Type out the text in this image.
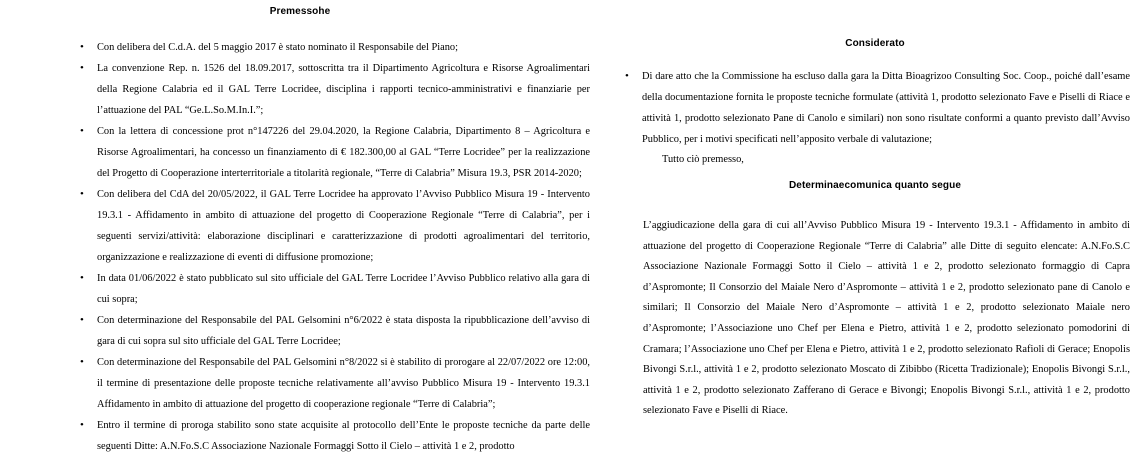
Premessohe
• Con delibera del C.d.A. del 5 maggio 2017 è stato nominato il Responsabile del Piano;
• La convenzione Rep. n. 1526 del 18.09.2017, sottoscritta tra il Dipartimento Agricoltura e Risorse Agroalimentari della Regione Calabria ed il GAL Terre Locridee, disciplina i rapporti tecnico-amministrativi e finanziarie per l’attuazione del PAL “Ge.L.So.M.In.I.”;
• Con la lettera di concessione prot n°147226 del 29.04.2020, la Regione Calabria, Dipartimento 8 – Agricoltura e Risorse Agroalimentari, ha concesso un finanziamento di € 182.300,00 al GAL “Terre Locridee” per la realizzazione del Progetto di Cooperazione interterritoriale a titolarità regionale, “Terre di Calabria” Misura 19.3, PSR 2014-2020;
• Con delibera del CdA del 20/05/2022, il GAL Terre Locridee ha approvato l’Avviso Pubblico Misura 19 - Intervento 19.3.1 - Affidamento in ambito di attuazione del progetto di Cooperazione Regionale “Terre di Calabria”, per i seguenti servizi/attività: elaborazione disciplinari e caratterizzazione di prodotti agroalimentari del territorio, organizzazione e realizzazione di eventi di diffusione promozione;
• In data 01/06/2022 è stato pubblicato sul sito ufficiale del GAL Terre Locridee l’Avviso Pubblico relativo alla gara di cui sopra;
• Con determinazione del Responsabile del PAL Gelsomini n°6/2022 è stata disposta la ripubblicazione dell’avviso di gara di cui sopra sul sito ufficiale del GAL Terre Locridee;
• Con determinazione del Responsabile del PAL Gelsomini n°8/2022 si è stabilito di prorogare al 22/07/2022 ore 12:00, il termine di presentazione delle proposte tecniche relativamente all’avviso Pubblico Misura 19 - Intervento 19.3.1 Affidamento in ambito di attuazione del progetto di cooperazione regionale “Terre di Calabria”;
• Entro il termine di proroga stabilito sono state acquisite al protocollo dell’Ente le proposte tecniche da parte delle seguenti Ditte: A.N.Fo.S.C Associazione Nazionale Formaggi Sotto il Cielo – attività 1 e 2, prodotto
Considerato
• Di dare atto che la Commissione ha escluso dalla gara la Ditta Bioagrizoo Consulting Soc. Coop., poiché dall’esame della documentazione fornita le proposte tecniche formulate (attività 1, prodotto selezionato Fave e Piselli di Riace e attività 1, prodotto selezionato Pane di Canolo e similari) non sono risultate conformi a quanto previsto dall’Avviso Pubblico, per i motivi specificati nell’apposito verbale di valutazione;

Tutto ciò premesso,

Determinaecomunica quanto segue

L’aggiudicazione della gara di cui all’Avviso Pubblico Misura 19 - Intervento 19.3.1 - Affidamento in ambito di attuazione del progetto di Cooperazione Regionale “Terre di Calabria” alle Ditte di seguito elencate: A.N.Fo.S.C Associazione Nazionale Formaggi Sotto il Cielo – attività 1 e 2, prodotto selezionato formaggio di Capra d’Aspromonte; Il Consorzio del Maiale Nero d’Aspromonte – attività 1 e 2, prodotto selezionato pane di Canolo e similari; Il Consorzio del Maiale Nero d’Aspromonte – attività 1 e 2, prodotto selezionato Maiale nero d’Aspromonte; l’Associazione uno Chef per Elena e Pietro, attività 1 e 2, prodotto selezionato pomodorini di Cramara; l’Associazione uno Chef per Elena e Pietro, attività 1 e 2, prodotto selezionato Rafioli di Gerace; Enopolis Bivongi S.r.l., attività 1 e 2, prodotto selezionato Moscato di Zibibbo (Ricetta Tradizionale); Enopolis Bivongi S.r.l., attività 1 e 2, prodotto selezionato Zafferano di Gerace e Bivongi; Enopolis Bivongi S.r.l., attività 1 e 2, prodotto selezionato Fave e Piselli di Riace.
